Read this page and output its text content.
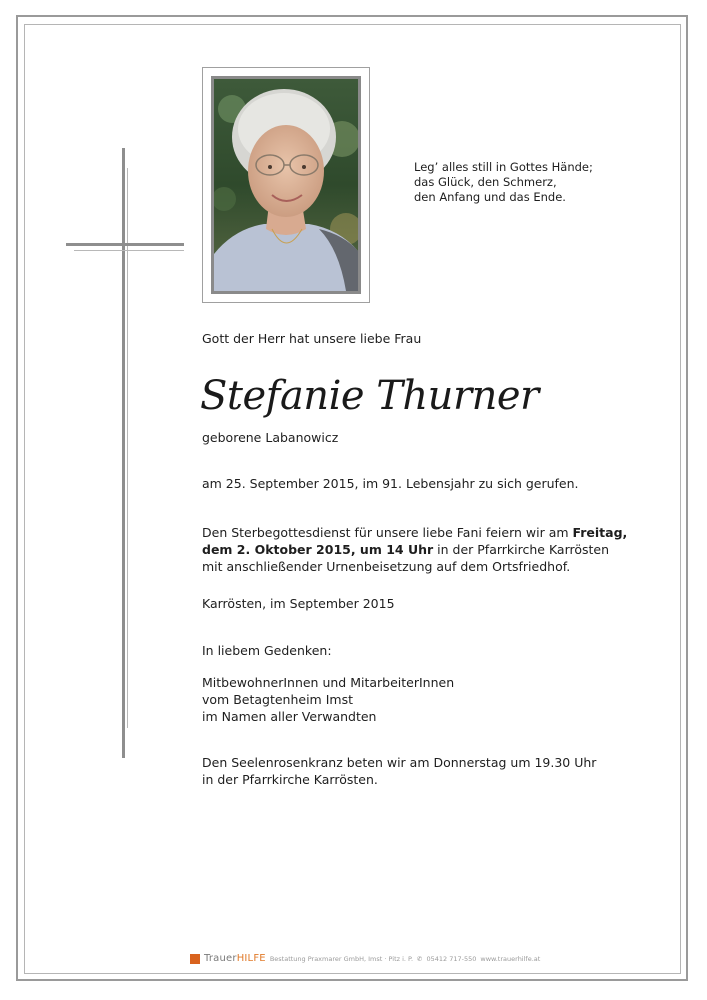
Leg’ alles still in Gottes Hände;
das Glück, den Schmerz,
den Anfang und das Ende.
Gott der Herr hat unsere liebe Frau
Stefanie Thurner
geborene Labanowicz
am 25. September 2015, im 91. Lebensjahr zu sich gerufen.
Den Sterbegottesdienst für unsere liebe Fani feiern wir am Freitag,
dem 2. Oktober 2015, um 14 Uhr in der Pfarrkirche Karrösten
mit anschließender Urnenbeisetzung auf dem Ortsfriedhof.
Karrösten, im September 2015
In liebem Gedenken:
MitbewohnerInnen und MitarbeiterInnen
vom Betagtenheim Imst
im Namen aller Verwandten
Den Seelenrosenkranz beten wir am Donnerstag um 19.30 Uhr
in der Pfarrkirche Karrösten.
TrauerHILFE Bestattung Praxmarer GmbH, Imst · Pitz i. P. ✆ 05412 717-550 www.trauerhilfe.at
